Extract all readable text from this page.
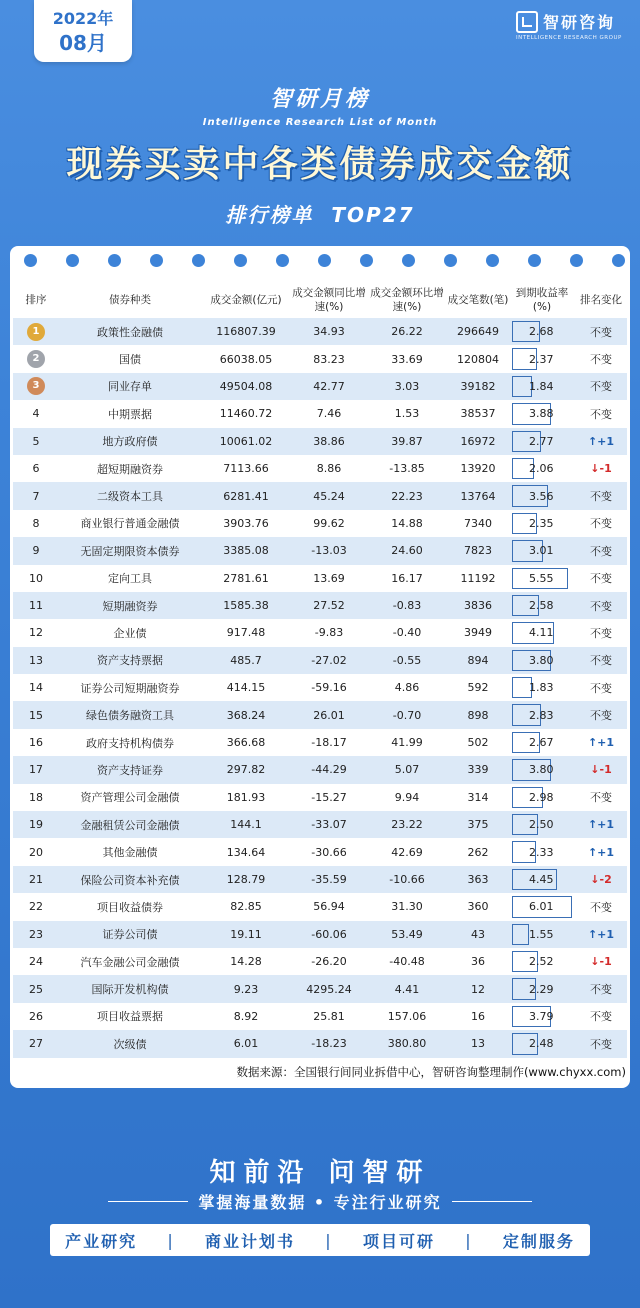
2022年
08月
智研咨询
INTELLIGENCE RESEARCH GROUP
智研月榜
Intelligence Research List of Month
现券买卖中各类债券成交金额
排行榜单  TOP27
排序	债券种类	成交金额(亿元)	成交金额同比增速(%)	成交金额环比增速(%)	成交笔数(笔)	到期收益率(%)	排名变化
1	政策性金融债	116807.39	34.93	26.22	296649	2.68	不变
2	国债	66038.05	83.23	33.69	120804	2.37	不变
3	同业存单	49504.08	42.77	3.03	39182	1.84	不变
4	中期票据	11460.72	7.46	1.53	38537	3.88	不变
5	地方政府债	10061.02	38.86	39.87	16972	2.77	↑+1
6	超短期融资券	7113.66	8.86	-13.85	13920	2.06	↓-1
7	二级资本工具	6281.41	45.24	22.23	13764	3.56	不变
8	商业银行普通金融债	3903.76	99.62	14.88	7340	2.35	不变
9	无固定期限资本债券	3385.08	-13.03	24.60	7823	3.01	不变
10	定向工具	2781.61	13.69	16.17	11192	5.55	不变
11	短期融资券	1585.38	27.52	-0.83	3836	2.58	不变
12	企业债	917.48	-9.83	-0.40	3949	4.11	不变
13	资产支持票据	485.7	-27.02	-0.55	894	3.80	不变
14	证券公司短期融资券	414.15	-59.16	4.86	592	1.83	不变
15	绿色债务融资工具	368.24	26.01	-0.70	898	2.83	不变
16	政府支持机构债券	366.68	-18.17	41.99	502	2.67	↑+1
17	资产支持证券	297.82	-44.29	5.07	339	3.80	↓-1
18	资产管理公司金融债	181.93	-15.27	9.94	314	2.98	不变
19	金融租赁公司金融债	144.1	-33.07	23.22	375	2.50	↑+1
20	其他金融债	134.64	-30.66	42.69	262	2.33	↑+1
21	保险公司资本补充债	128.79	-35.59	-10.66	363	4.45	↓-2
22	项目收益债券	82.85	56.94	31.30	360	6.01	不变
23	证券公司债	19.11	-60.06	53.49	43	1.55	↑+1
24	汽车金融公司金融债	14.28	-26.20	-40.48	36	2.52	↓-1
25	国际开发机构债	9.23	4295.24	4.41	12	2.29	不变
26	项目收益票据	8.92	25.81	157.06	16	3.79	不变
27	次级债	6.01	-18.23	380.80	13	2.48	不变
数据来源：全国银行间同业拆借中心，智研咨询整理制作(www.chyxx.com)
知前沿 问智研
掌握海量数据 • 专注行业研究
产业研究 | 商业计划书 | 项目可研 | 定制服务
